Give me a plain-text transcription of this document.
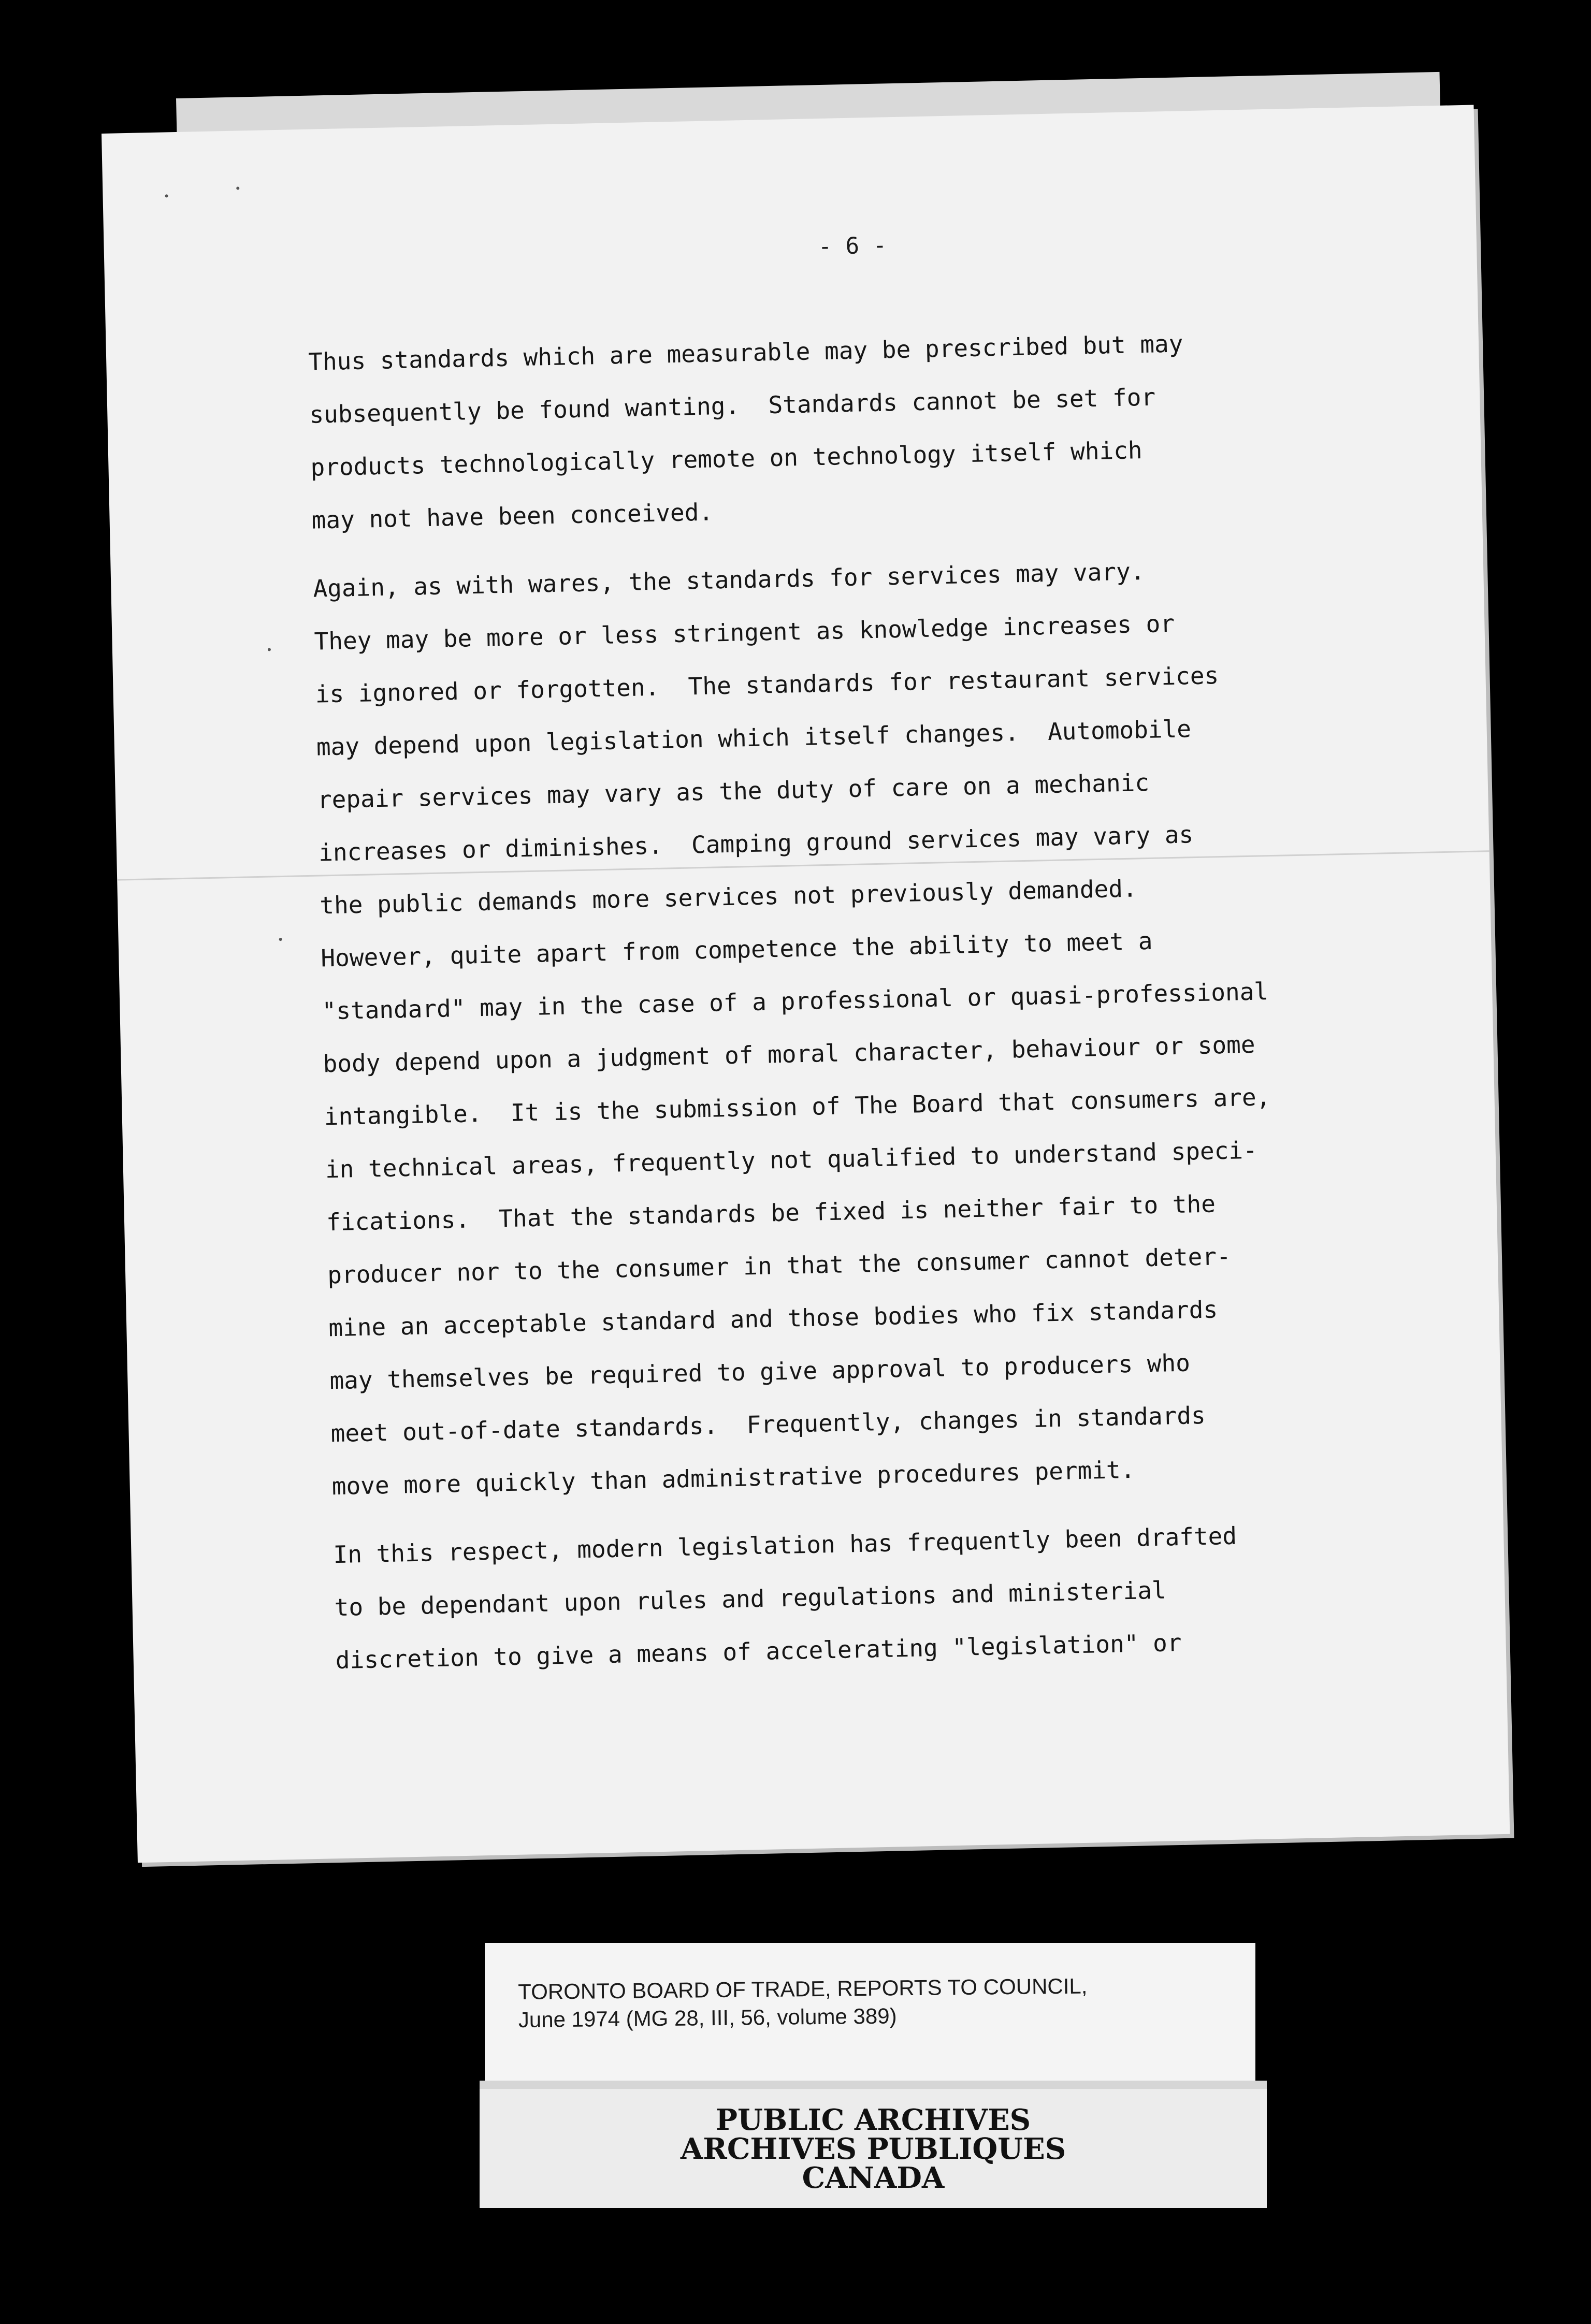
- 6 -
Thus standards which are measurable may be prescribed but may
subsequently be found wanting.  Standards cannot be set for
products technologically remote on technology itself which
may not have been conceived.
Again, as with wares, the standards for services may vary.
They may be more or less stringent as knowledge increases or
is ignored or forgotten.  The standards for restaurant services
may depend upon legislation which itself changes.  Automobile
repair services may vary as the duty of care on a mechanic
increases or diminishes.  Camping ground services may vary as
the public demands more services not previously demanded.
However, quite apart from competence the ability to meet a
"standard" may in the case of a professional or quasi-professional
body depend upon a judgment of moral character, behaviour or some
intangible.  It is the submission of The Board that consumers are,
in technical areas, frequently not qualified to understand speci-
fications.  That the standards be fixed is neither fair to the
producer nor to the consumer in that the consumer cannot deter-
mine an acceptable standard and those bodies who fix standards
may themselves be required to give approval to producers who
meet out-of-date standards.  Frequently, changes in standards
move more quickly than administrative procedures permit.
In this respect, modern legislation has frequently been drafted
to be dependant upon rules and regulations and ministerial
discretion to give a means of accelerating "legislation" or
TORONTO BOARD OF TRADE, REPORTS TO COUNCIL,
June 1974 (MG 28, III, 56, volume 389)
PUBLIC ARCHIVES
ARCHIVES PUBLIQUES
CANADA
